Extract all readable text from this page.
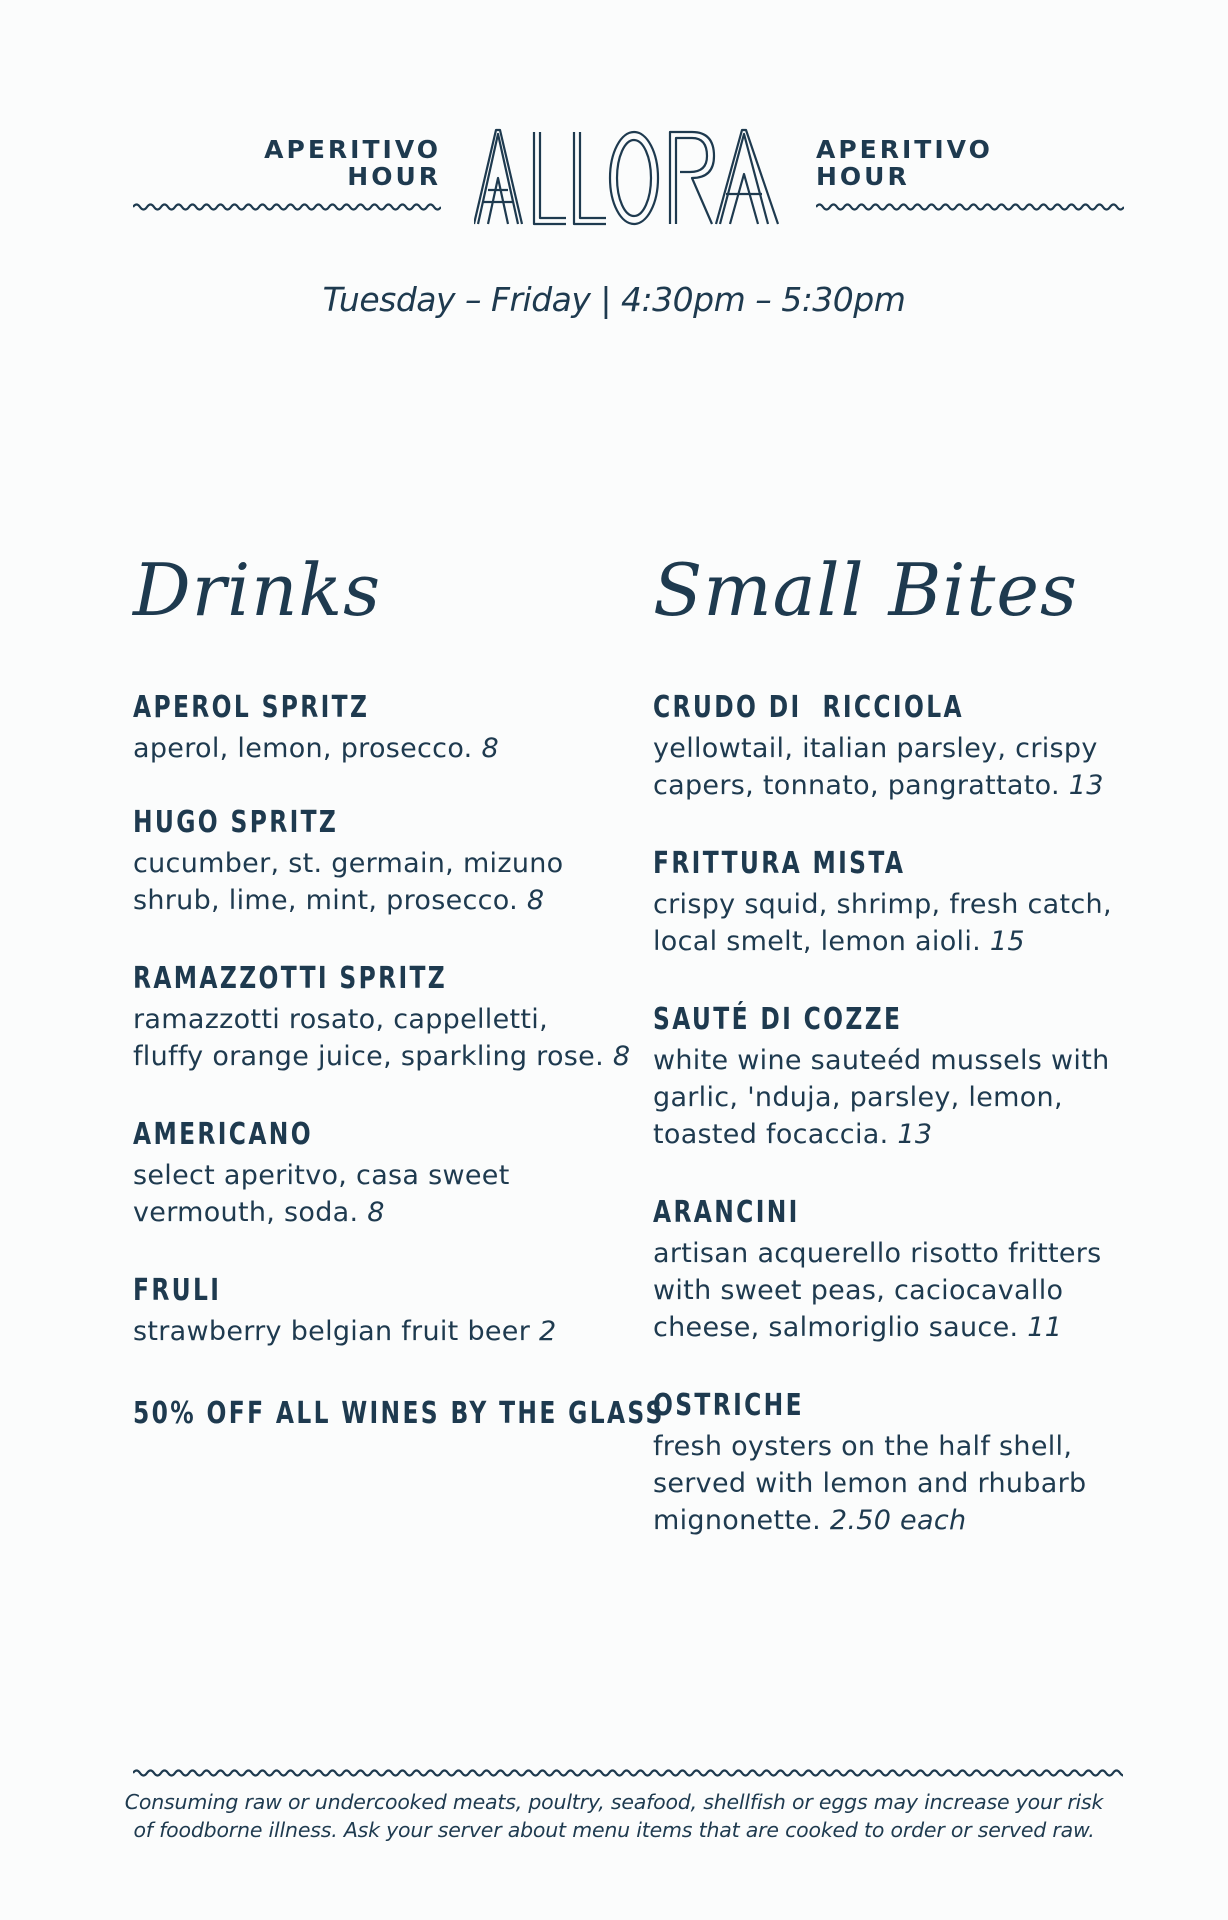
APERITIVO
HOUR
APERITIVO
HOUR
Tuesday – Friday | 4:30pm – 5:30pm
Drinks	Small Bites
APEROL SPRITZ
aperol, lemon, prosecco. 8
HUGO SPRITZ
cucumber, st. germain, mizuno
shrub, lime, mint, prosecco. 8
RAMAZZOTTI SPRITZ
ramazzotti rosato, cappelletti,
fluffy orange juice, sparkling rose. 8
AMERICANO
select aperitvo, casa sweet
vermouth, soda. 8
FRULI
strawberry belgian fruit beer 2
50% OFF ALL WINES BY THE GLASS
CRUDO DI  RICCIOLA
yellowtail, italian parsley, crispy
capers, tonnato, pangrattato. 13
FRITTURA MISTA
crispy squid, shrimp, fresh catch,
local smelt, lemon aioli. 15
SAUTÉ DI COZZE
white wine sauteéd mussels with
garlic, 'nduja, parsley, lemon,
toasted focaccia. 13
ARANCINI
artisan acquerello risotto fritters
with sweet peas, caciocavallo
cheese, salmoriglio sauce. 11
OSTRICHE
fresh oysters on the half shell,
served with lemon and rhubarb
mignonette. 2.50 each
Consuming raw or undercooked meats, poultry, seafood, shellfish or eggs may increase your risk
of foodborne illness. Ask your server about menu items that are cooked to order or served raw.
